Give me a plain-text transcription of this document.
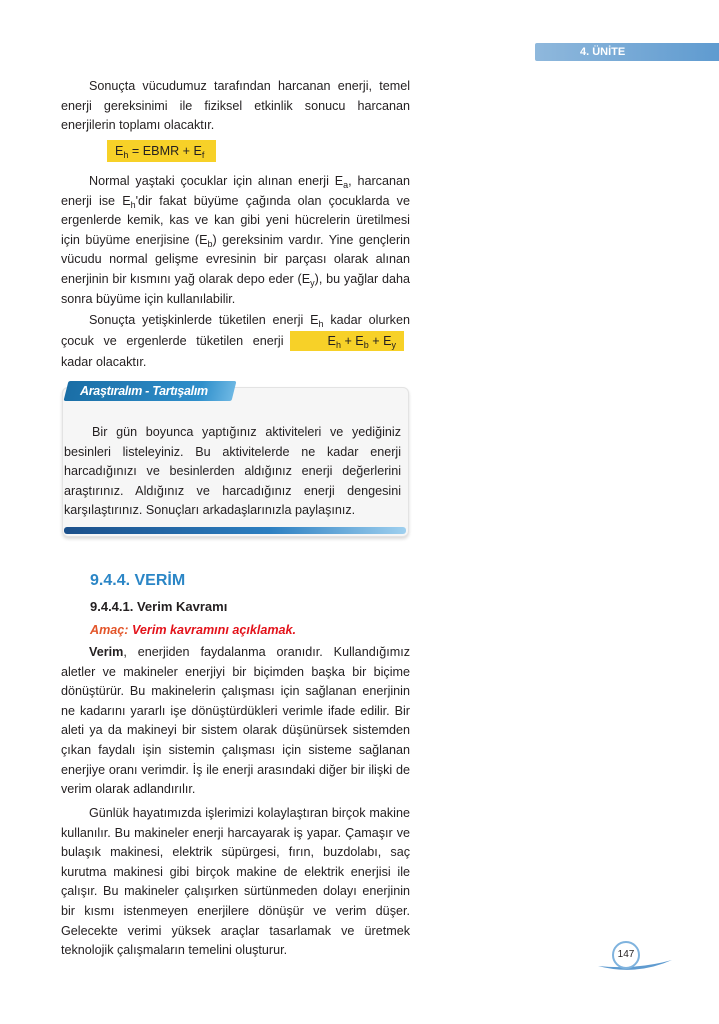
4. ÜNİTE

Sonuçta vücudumuz tarafından harcanan enerji, temel enerji gereksinimi ile fiziksel etkinlik sonucu harcanan enerjilerin toplamı olacaktır.

$E_h$ = EBMR + $E_f$

Normal yaştaki çocuklar için alınan enerji $E_a$, harcanan enerji ise $E_h'dir$ fakat büyüme çağında olan çocuklarda ve ergenlerde kemik, kas ve kan gibi yeni hücrelerin üretilmesi için büyüme enerjisine $(E_b)$ gereksinim vardır. Yine gençlerin vücudu normal gelişme evresinin bir parçası olarak alınan enerjinin bir kısmını yağ olarak depo eder $(E_y)$, bu yağlar daha sonra büyüme için kullanılabilir.

Sonuçta yetişkinlerde tüketilen enerji $E_h$ kadar olurken çocuk ve ergenlerde tüketilen enerji	$E_h + E_b$ + $E_ykadar$ olacaktır.

Araştıralım - Tartışalım

Bir gün boyunca yaptığınız aktiviteleri ve yediğiniz besinleri listeleyiniz. Bu aktivitelerde ne kadar enerji harcadığınızı ve besinlerden aldığınız enerji değerlerini araştırınız. Aldığınız ve harcadığınız enerji dengesini karşılaştırınız. Sonuçları arkadaşlarınızla paylaşınız.

9.4.4. VERİM
9.4.4.1. Verim Kavramı

Amaç: Verim kavramını açıklamak.

Verim, enerjiden faydalanma oranıdır. Kullandığımız aletler ve makineler enerjiyi bir biçimden başka bir biçime dönüştürür. Bu makinelerin çalışması için sağlanan enerjinin ne kadarını yararlı işe dönüştürdükleri verimle ifade edilir. Bir aleti ya da makineyi bir sistem olarak düşünürsek sistemden çıkan faydalı işin sistemin çalışması için sisteme sağlanan enerjiye oranı verimdir. İş ile enerji arasındaki diğer bir ilişki de verim olarak adlandırılır.

Günlük hayatımızda işlerimizi kolaylaştıran birçok makine kullanılır. Bu makineler enerji harcayarak iş yapar. Çamaşır ve bulaşık makinesi, elektrik süpürgesi, fırın, buzdolabı, saç kurutma makinesi gibi birçok makine de elektrik enerjisi ile çalışır. Bu makineler çalışırken sürtünmeden dolayı enerjinin bir kısmı istenmeyen enerjilere dönüşür ve verim düşer. Gelecekte verimi yüksek araçlar tasarlamak ve üretmek teknolojik çalışmaların temelini oluşturur.	147
